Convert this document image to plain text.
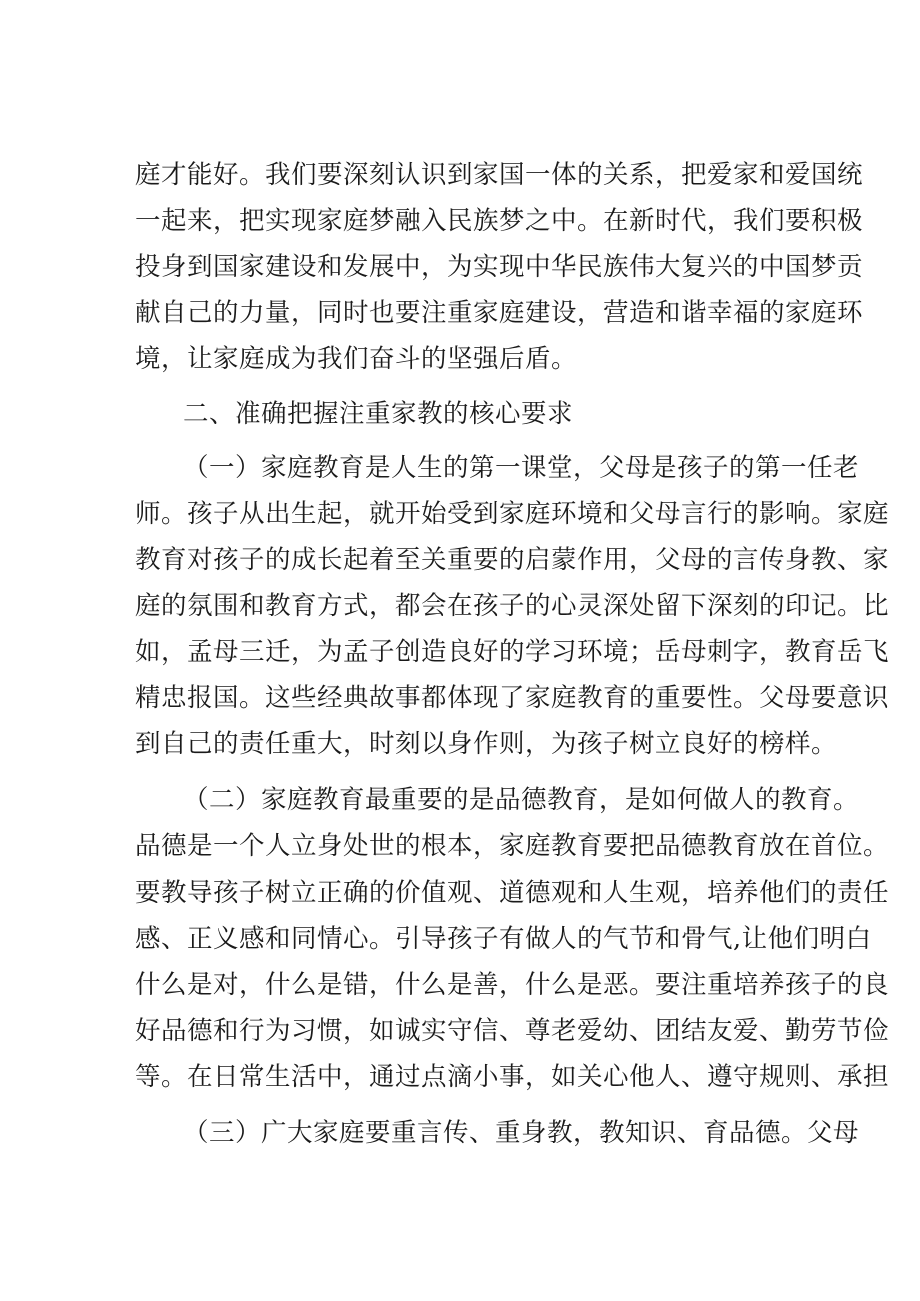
庭才能好。我们要深刻认识到家国一体的关系，把爱家和爱国统
一起来，把实现家庭梦融入民族梦之中。在新时代，我们要积极
投身到国家建设和发展中，为实现中华民族伟大复兴的中国梦贡
献自己的力量，同时也要注重家庭建设，营造和谐幸福的家庭环
境，让家庭成为我们奋斗的坚强后盾。
二、准确把握注重家教的核心要求
（一）家庭教育是人生的第一课堂，父母是孩子的第一任老
师。孩子从出生起，就开始受到家庭环境和父母言行的影响。家庭
教育对孩子的成长起着至关重要的启蒙作用，父母的言传身教、家
庭的氛围和教育方式，都会在孩子的心灵深处留下深刻的印记。比
如，孟母三迁，为孟子创造良好的学习环境；岳母刺字，教育岳飞
精忠报国。这些经典故事都体现了家庭教育的重要性。父母要意识
到自己的责任重大，时刻以身作则，为孩子树立良好的榜样。
（二）家庭教育最重要的是品德教育，是如何做人的教育。
品德是一个人立身处世的根本，家庭教育要把品德教育放在首位。
要教导孩子树立正确的价值观、道德观和人生观，培养他们的责任
感、正义感和同情心。引导孩子有做人的气节和骨气,让他们明白
什么是对，什么是错，什么是善，什么是恶。要注重培养孩子的良
好品德和行为习惯，如诚实守信、尊老爱幼、团结友爱、勤劳节俭
等。在日常生活中，通过点滴小事，如关心他人、遵守规则、承担
（三）广大家庭要重言传、重身教，教知识、育品德。父母
